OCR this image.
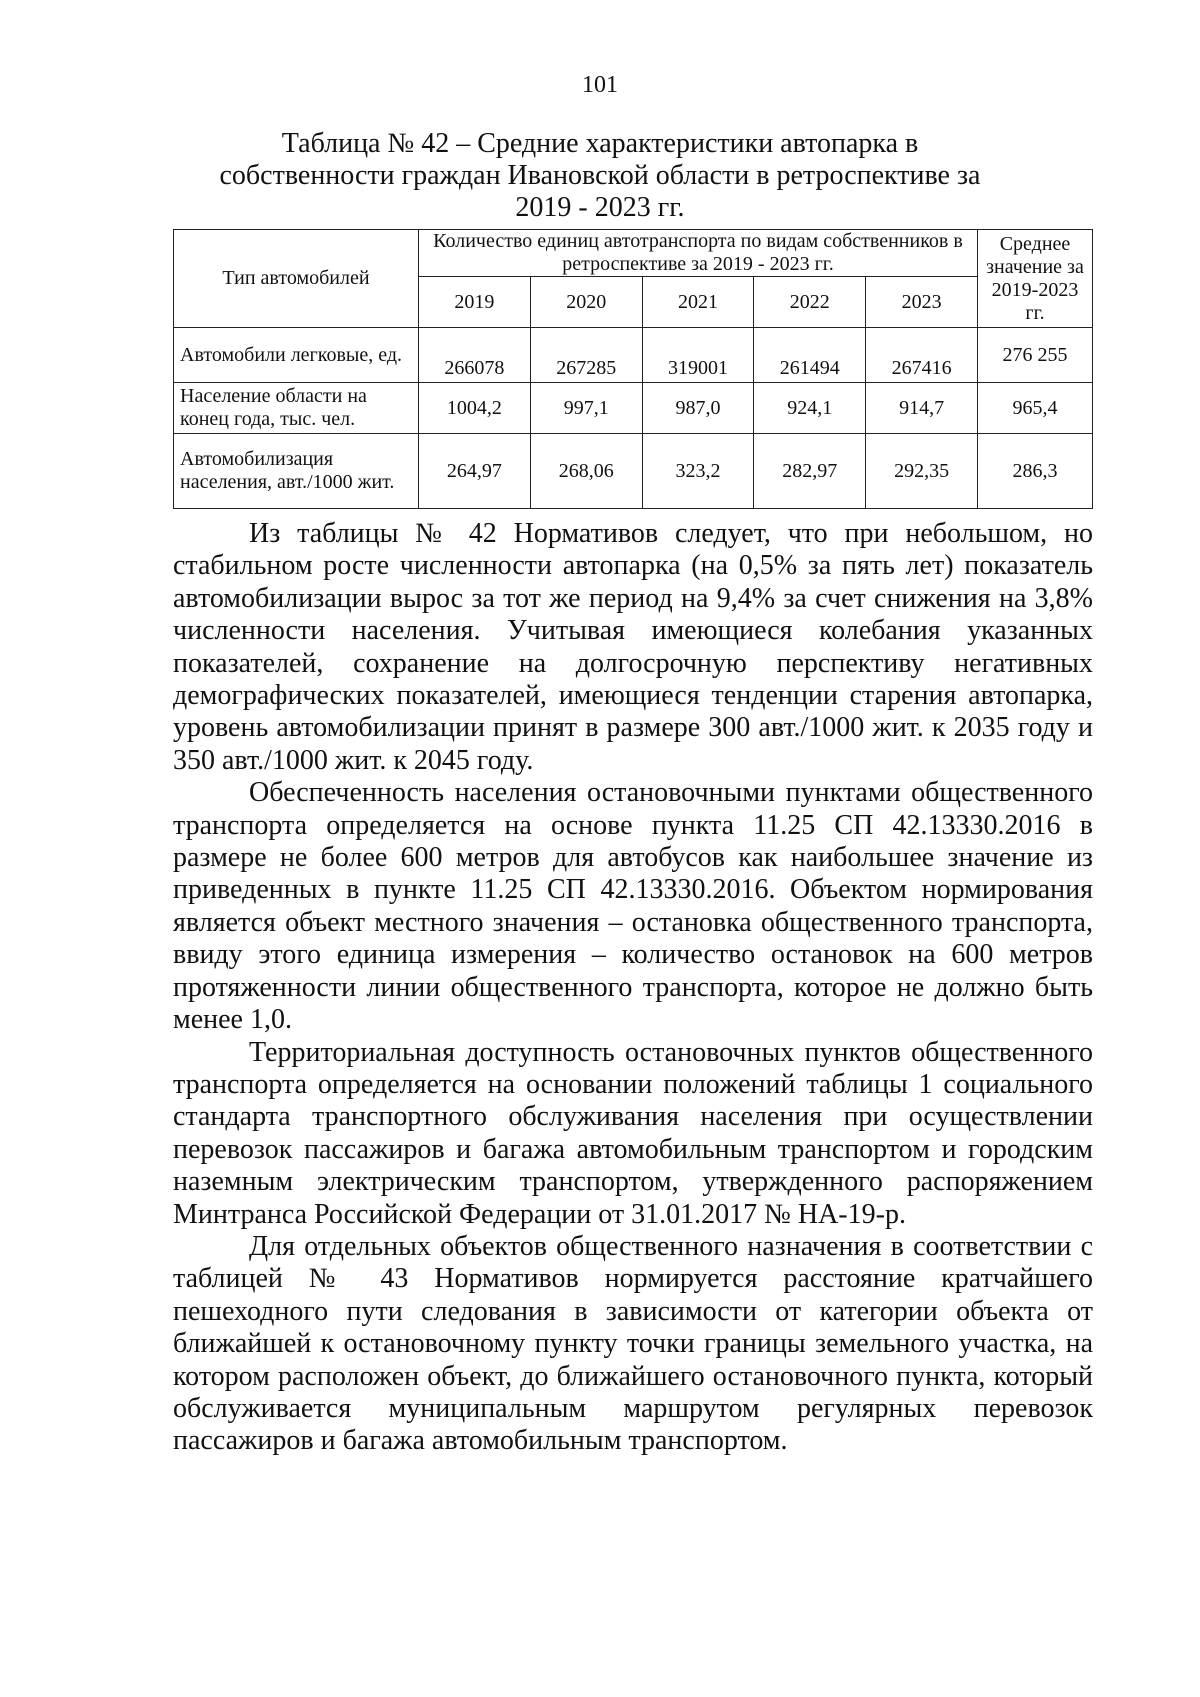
101
Таблица № 42 – Средние характеристики автопарка в собственности граждан Ивановской области в ретроспективе за 2019 - 2023 гг.
Тип автомобилей	Количество единиц автотранспорта по видам собственников в ретроспективе за 2019 - 2023 гг.					Среднее значение за 2019-2023 гг.
	2019	2020	2021	2022	2023	
Автомобили легковые, ед.	266078	267285	319001	261494	267416	276 255
Население области на конец года, тыс. чел.	1004,2	997,1	987,0	924,1	914,7	965,4
Автомобилизация населения, авт./1000 жит.	264,97	268,06	323,2	282,97	292,35	286,3

Из таблицы № 42 Нормативов следует, что при небольшом, но стабильном росте численности автопарка (на 0,5% за пять лет) показатель автомобилизации вырос за тот же период на 9,4% за счет снижения на 3,8% численности населения. Учитывая имеющиеся колебания указанных показателей, сохранение на долгосрочную перспективу негативных демографических показателей, имеющиеся тенденции старения автопарка, уровень автомобилизации принят в размере 300 авт./1000 жит. к 2035 году и 350 авт./1000 жит. к 2045 году.

Обеспеченность населения остановочными пунктами общественного транспорта определяется на основе пункта 11.25 СП 42.13330.2016 в размере не более 600 метров для автобусов как наибольшее значение из приведенных в пункте 11.25 СП 42.13330.2016. Объектом нормирования является объект местного значения – остановка общественного транспорта, ввиду этого единица измерения – количество остановок на 600 метров протяженности линии общественного транспорта, которое не должно быть менее 1,0.

Территориальная доступность остановочных пунктов общественного транспорта определяется на основании положений таблицы 1 социального стандарта транспортного обслуживания населения при осуществлении перевозок пассажиров и багажа автомобильным транспортом и городским наземным электрическим транспортом, утвержденного распоряжением Минтранса Российской Федерации от 31.01.2017 № НА-19-р.

Для отдельных объектов общественного назначения в соответствии с таблицей № 43 Нормативов нормируется расстояние кратчайшего пешеходного пути следования в зависимости от категории объекта от ближайшей к остановочному пункту точки границы земельного участка, на котором расположен объект, до ближайшего остановочного пункта, который обслуживается муниципальным маршрутом регулярных перевозок пассажиров и багажа автомобильным транспортом.
